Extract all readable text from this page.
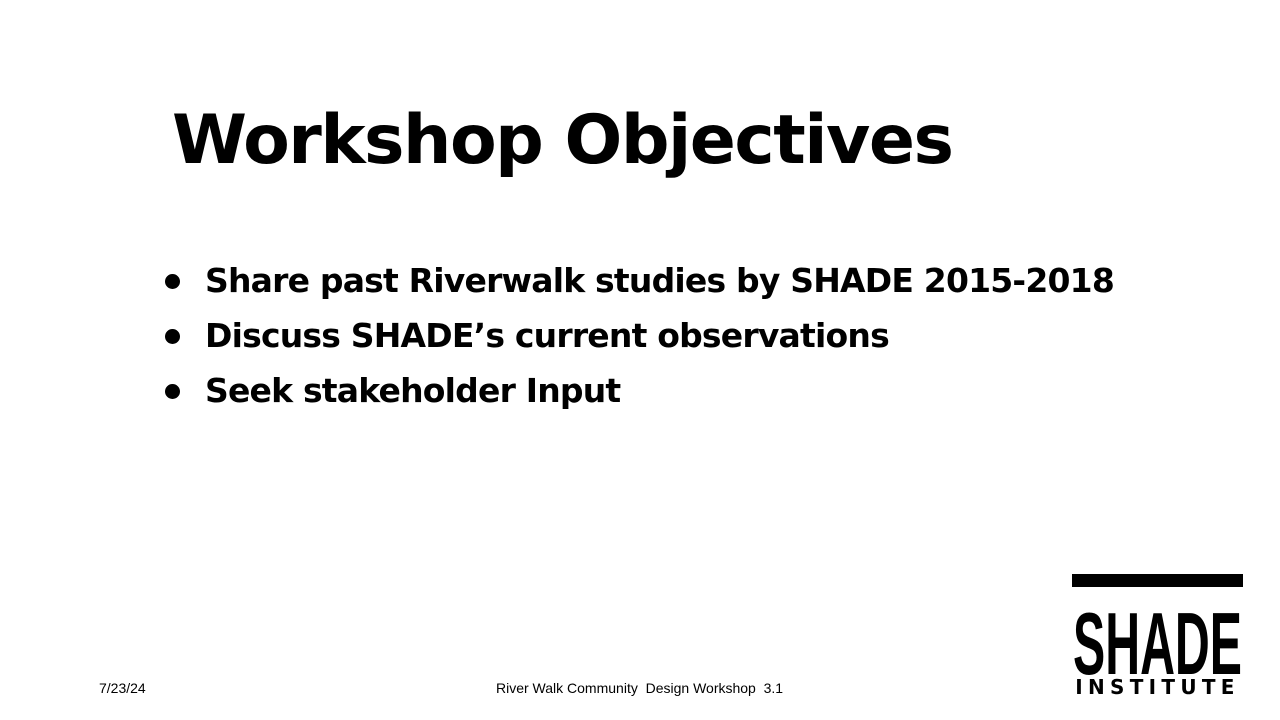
Workshop Objectives
Share past Riverwalk studies by SHADE 2015-2018
Discuss SHADE’s current observations
Seek stakeholder Input
7/23/24	River Walk Community  Design Workshop  3.1	SHADE
INSTITUTE
